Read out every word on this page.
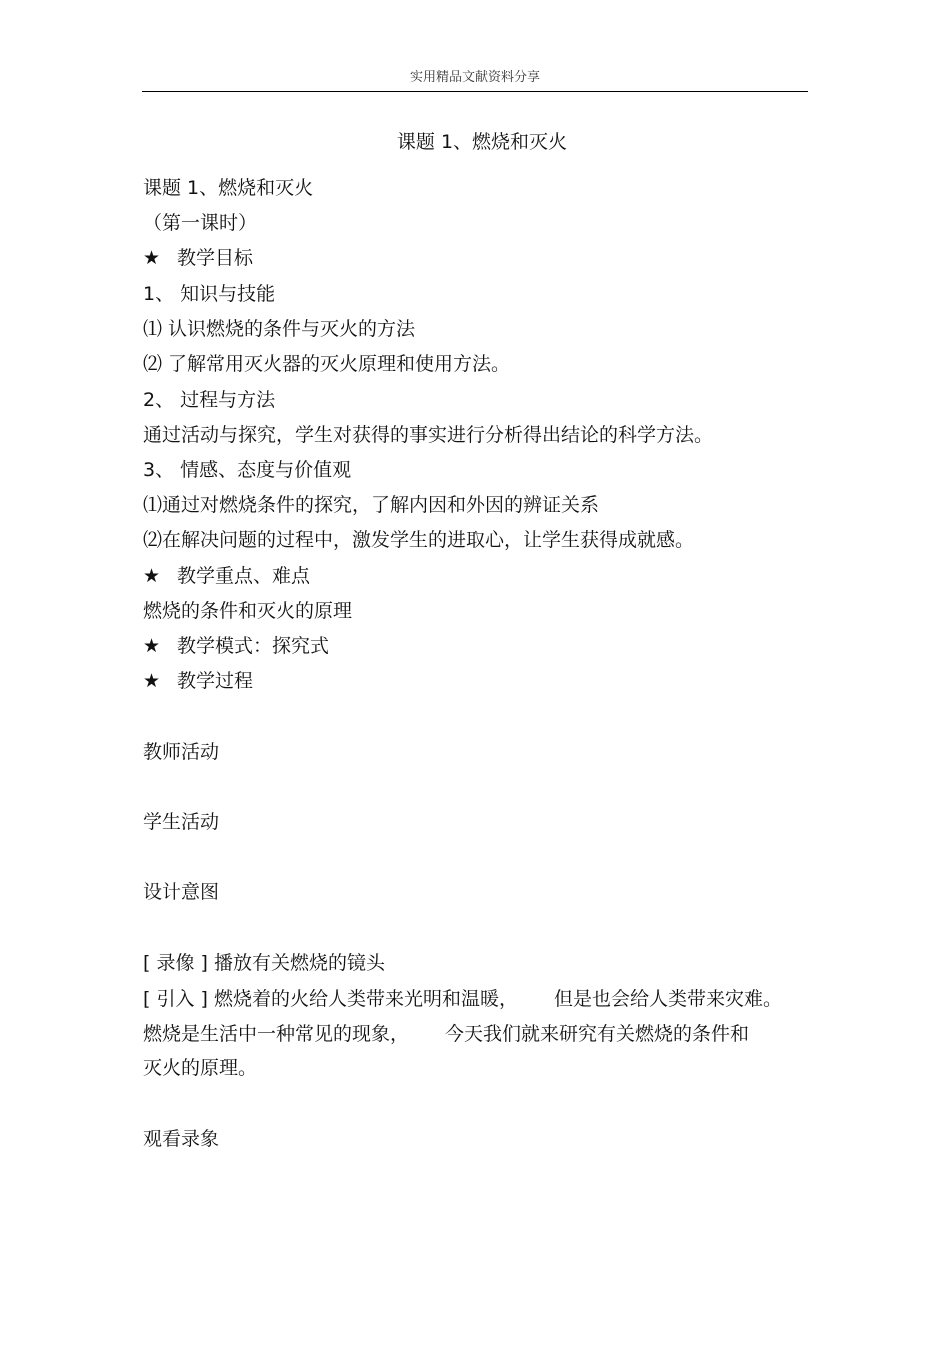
实用精品文献资料分享
课题 1、燃烧和灭火
课题 1、燃烧和灭火
（第一课时）
★ 教学目标
1、 知识与技能
⑴ 认识燃烧的条件与灭火的方法
⑵ 了解常用灭火器的灭火原理和使用方法。
2、 过程与方法
通过活动与探究，学生对获得的事实进行分析得出结论的科学方法。
3、 情感、态度与价值观
⑴通过对燃烧条件的探究，了解内因和外因的辨证关系
⑵在解决问题的过程中，激发学生的进取心，让学生获得成就感。
★ 教学重点、难点
燃烧的条件和灭火的原理
★ 教学模式：探究式
★ 教学过程
教师活动
学生活动
设计意图
[ 录像 ] 播放有关燃烧的镜头
[ 引入 ] 燃烧着的火给人类带来光明和温暖， 但是也会给人类带来灾难。
燃烧是生活中一种常见的现象， 今天我们就来研究有关燃烧的条件和
灭火的原理。
观看录象
